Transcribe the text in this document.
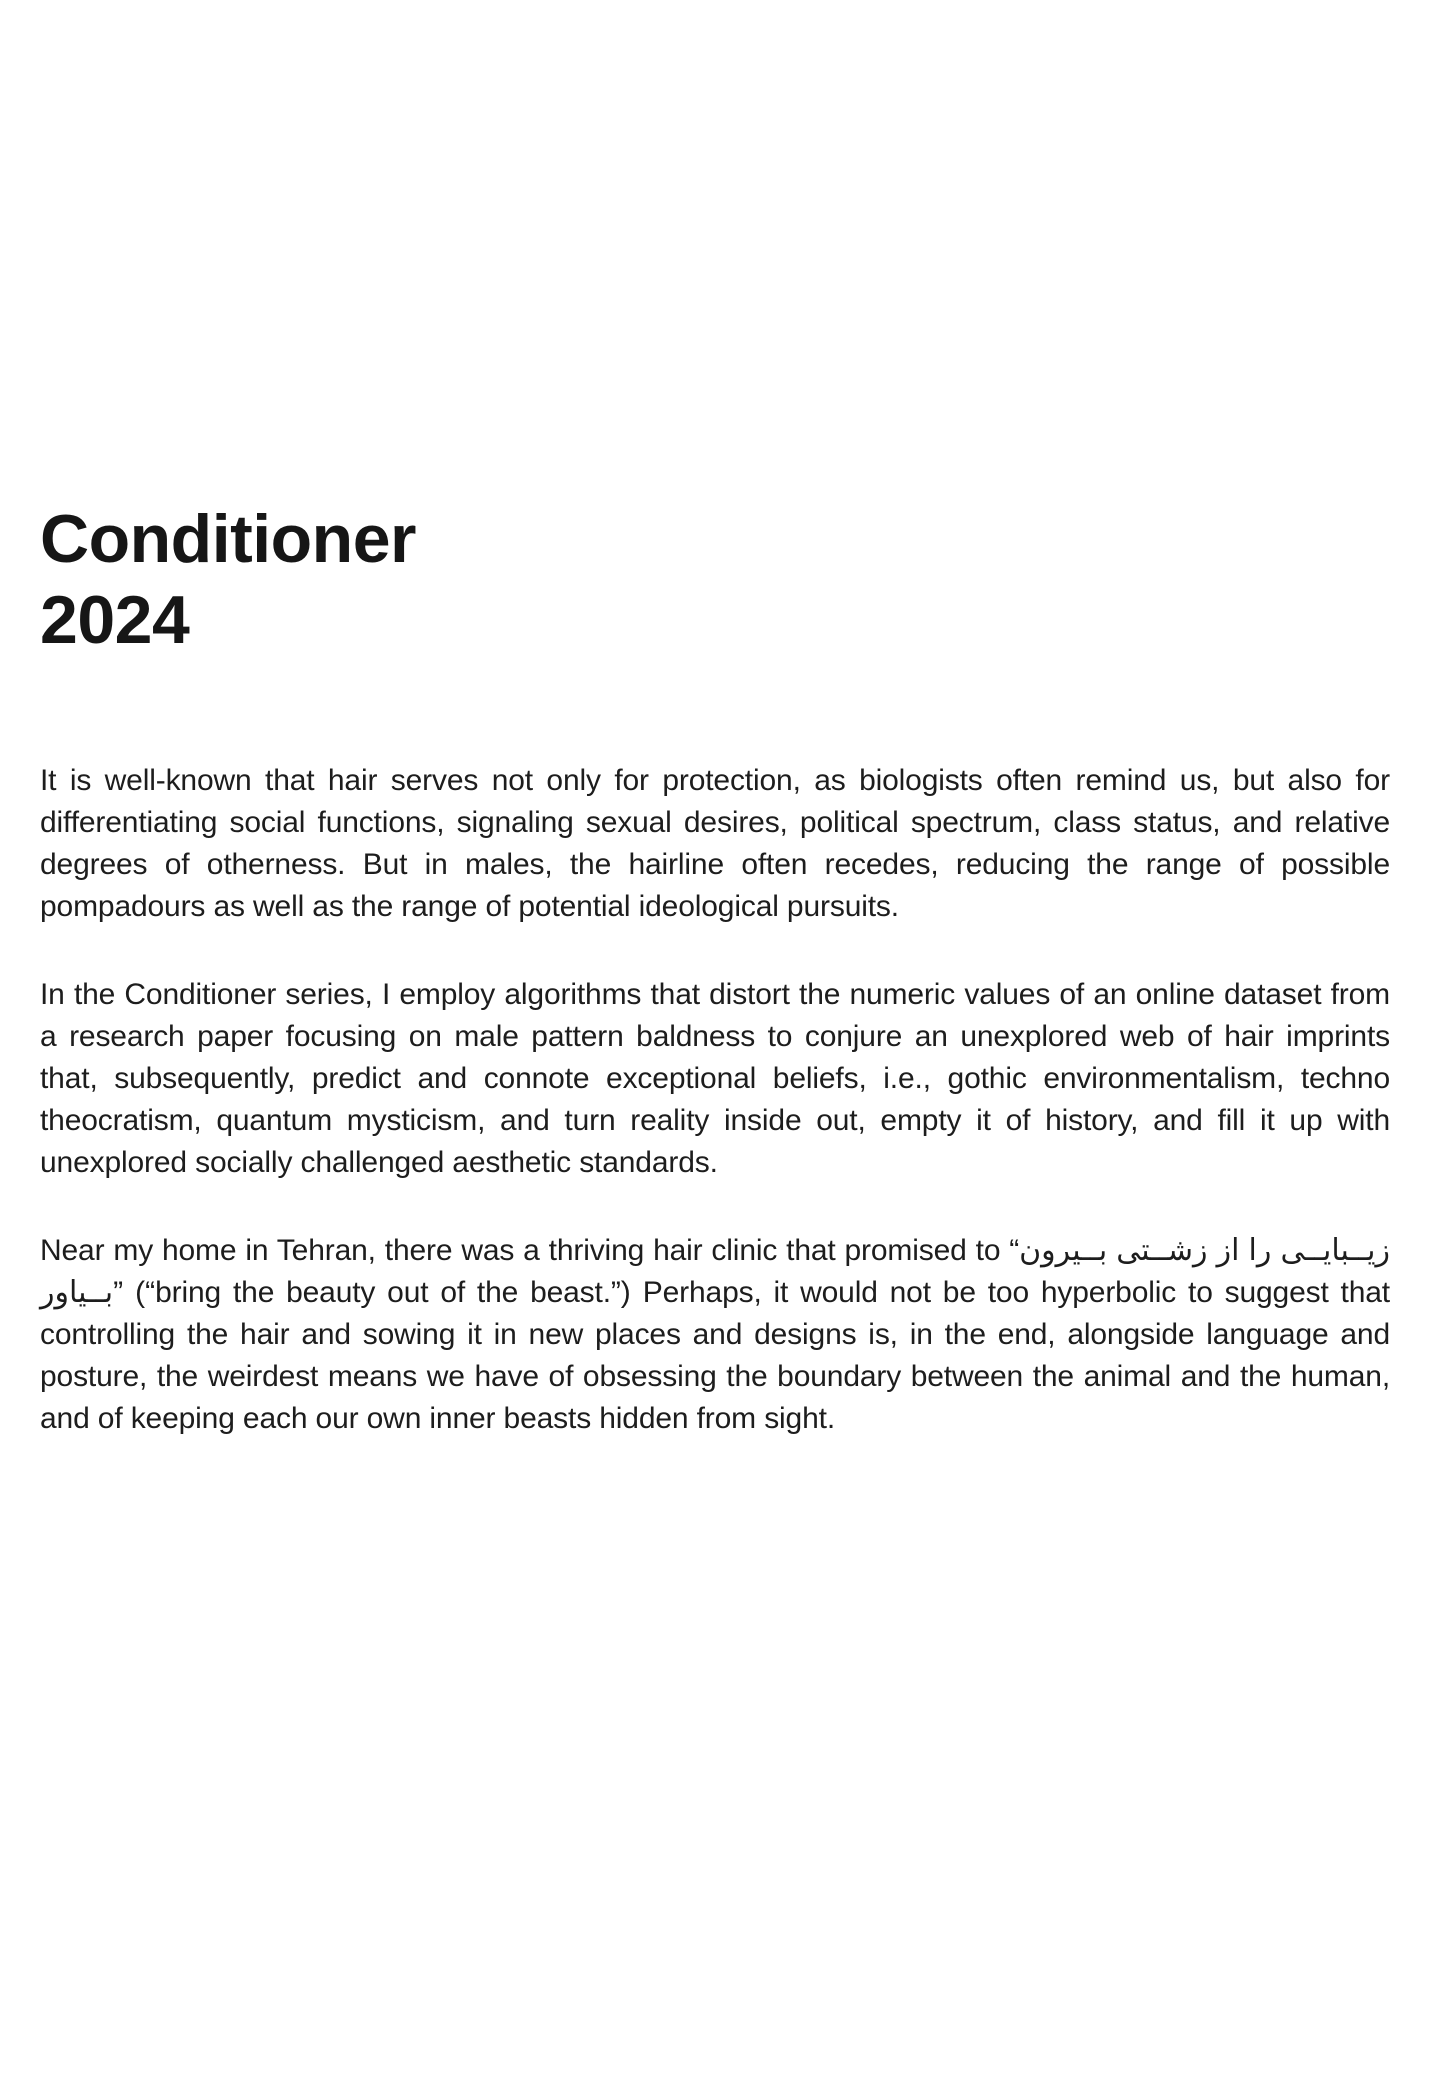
Conditioner
2024

It is well-known that hair serves not only for protection, as biologists often remind us, but also for differentiating social functions, signaling sexual desires, political spectrum, class status, and relative degrees of otherness. But in males, the hairline often recedes, reducing the range of possible pompadours as well as the range of potential ideological pursuits.

In the Conditioner series, I employ algorithms that distort the numeric values of an online dataset from a research paper focusing on male pattern baldness to conjure an unexplored web of hair imprints that, subsequently, predict and connote exceptional beliefs, i.e., gothic environmentalism, techno theocratism, quantum mysticism, and turn reality inside out, empty it of history, and fill it up with unexplored socially challenged aesthetic standards.

Near my home in Tehran, there was a thriving hair clinic that promised to “زیــبایــی را از زشــتی بــیرون بــیاور” (“bring the beauty out of the beast.”) Perhaps, it would not be too hyperbolic to suggest that controlling the hair and sowing it in new places and designs is, in the end, alongside language and posture, the weirdest means we have of obsessing the boundary between the animal and the human, and of keeping each our own inner beasts hidden from sight.
